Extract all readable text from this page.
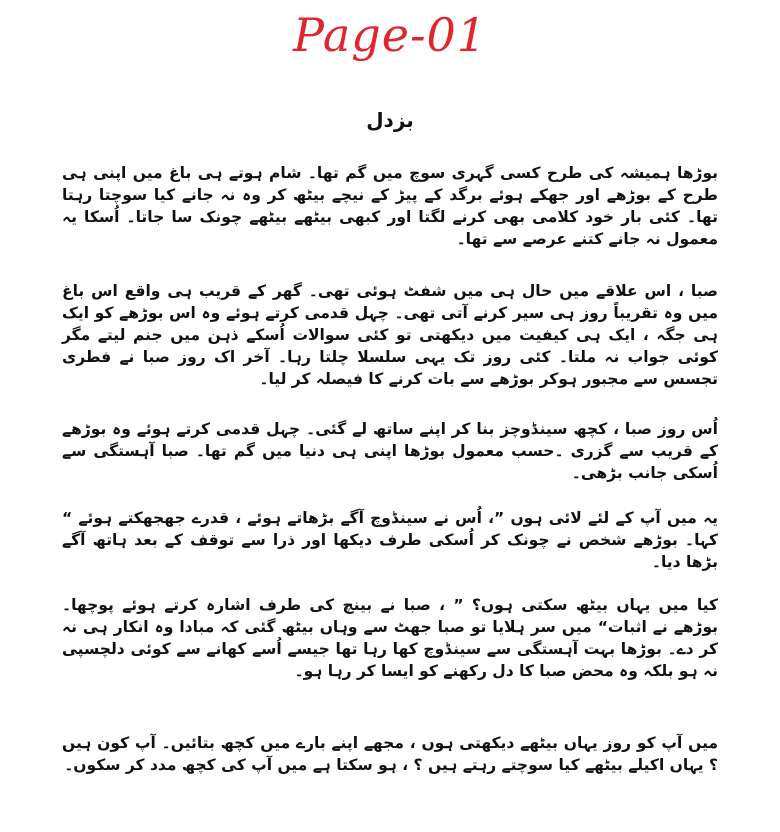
Page-01
بزدل

بوڑھا ہمیشہ کی طرح کسی گہری سوچ میں گم تھا۔ شام ہوتے ہی باغ میں اپنی ہی طرح کے بوڑھے اور جھکے ہوئے برگد کے پیڑ کے نیچے بیٹھ کر وہ نہ جانے کیا سوچتا رہتا تھا۔ کئی بار خود کلامی بھی کرنے لگتا اور کبھی بیٹھے بیٹھے چونک سا جاتا۔ اُسکا یہ معمول نہ جانے کتنے عرصے سے تھا۔

صبا ، اس علاقے میں حال ہی میں شفٹ ہوئی تھی۔ گھر کے قریب ہی واقع اس باغ میں وہ تقریباً روز ہی سیر کرنے آتی تھی۔ چہل قدمی کرتے ہوئے وہ اس بوڑھے کو ایک ہی جگہ ، ایک ہی کیفیت میں دیکھتی تو کئی سوالات اُسکے ذہن میں جنم لیتے مگر کوئی جواب نہ ملتا۔ کئی روز تک یہی سلسلا چلتا رہا۔ آخر اک روز صبا نے فطری تجسس سے مجبور ہوکر بوڑھے سے بات کرنے کا فیصلہ کر لیا۔

اُس روز صبا ، کچھ سینڈوچز بنا کر اپنے ساتھ لے گئی۔ چہل قدمی کرتے ہوئے وہ بوڑھے کے قریب سے گزری ۔حسب معمول بوڑھا اپنی ہی دنیا میں گم تھا۔ صبا آہستگی سے اُسکی جانب بڑھی۔

یہ میں آپ کے لئے لائی ہوں ”، اُس نے سینڈوچ آگے بڑھاتے ہوئے ، قدرے جھجھکتے ہوئے “ کہا۔ بوڑھے شخص نے چونک کر اُسکی طرف دیکھا اور ذرا سے توقف کے بعد ہاتھ آگے بڑھا دیا۔

کیا میں یہاں بیٹھ سکتی ہوں؟ ” ، صبا نے بینچ کی طرف اشارہ کرتے ہوئے پوچھا۔ بوڑھے نے اثبات“ میں سر ہلایا تو صبا جھٹ سے وہاں بیٹھ گئی کہ مبادا وہ انکار ہی نہ کر دے۔ بوڑھا بہت آہستگی سے سینڈوچ کھا رہا تھا جیسے اُسے کھانے سے کوئی دلچسپی نہ ہو بلکہ وہ محض صبا کا دل رکھنے کو ایسا کر رہا ہو۔

میں آپ کو روز یہاں بیٹھے دیکھتی ہوں ، مجھے اپنے بارے میں کچھ بتائیں۔ آپ کون ہیں ؟ یہاں اکیلے بیٹھے کیا سوچتے رہتے ہیں ؟ ، ہو سکتا ہے میں آپ کی کچھ مدد کر سکوں۔
